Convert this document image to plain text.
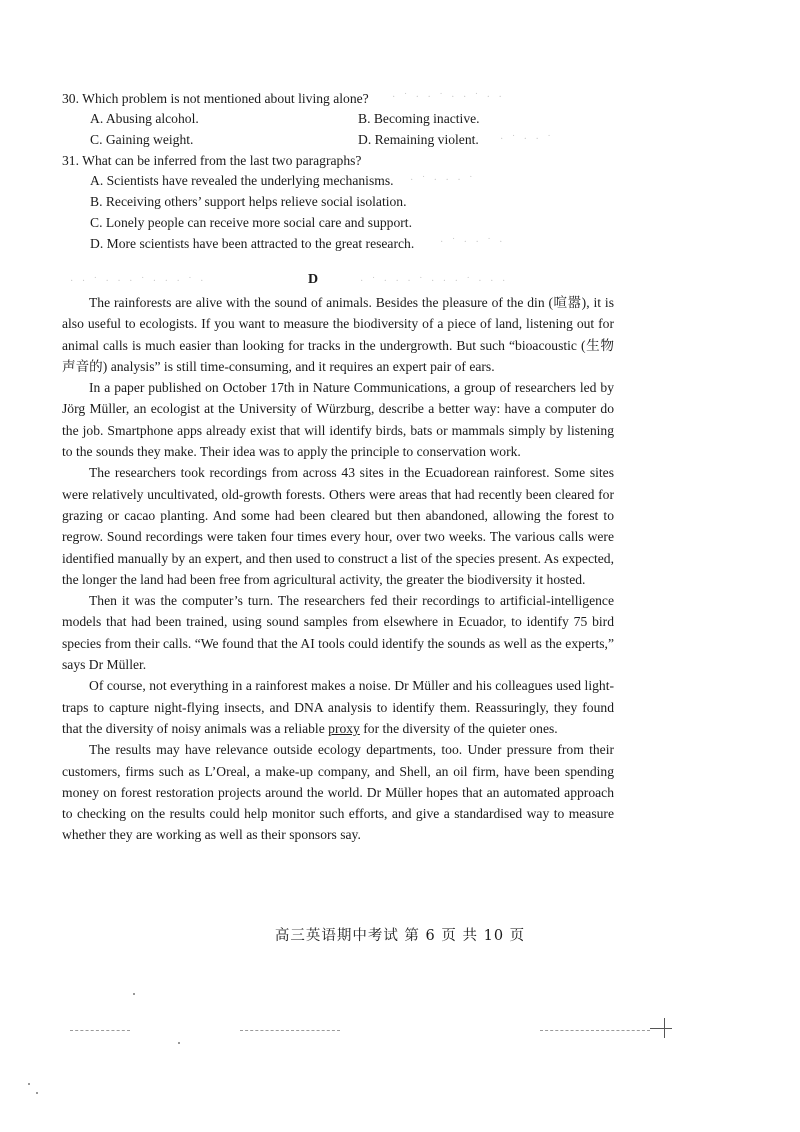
30. Which problem is not mentioned about living alone?
A. Abusing alcohol.	B. Becoming inactive.
C. Gaining weight.	D. Remaining violent.
31. What can be inferred from the last two paragraphs?
A. Scientists have revealed the underlying mechanisms.
B. Receiving others’ support helps relieve social isolation.
C. Lonely people can receive more social care and support.
D. More scientists have been attracted to the great research.
· ˙ · · ˙ · · ˙ · ·
· ˙ · · ˙
· ˙ · · · ˙
· ˙ · · ˙ ·
· · ˙ · · · ˙ · · · ˙ ·	· ˙ · · · ˙ · · · ˙ · · ·
D

The rainforests are alive with the sound of animals. Besides the pleasure of the din (喧嚣), it is also useful to ecologists. If you want to measure the biodiversity of a piece of land, listening out for animal calls is much easier than looking for tracks in the undergrowth. But such “bioacoustic (生物声音的) analysis” is still time-consuming, and it requires an expert pair of ears.

In a paper published on October 17th in Nature Communications, a group of researchers led by Jörg Müller, an ecologist at the University of Würzburg, describe a better way: have a computer do the job. Smartphone apps already exist that will identify birds, bats or mammals simply by listening to the sounds they make. Their idea was to apply the principle to conservation work.

The researchers took recordings from across 43 sites in the Ecuadorean rainforest. Some sites were relatively uncultivated, old-growth forests. Others were areas that had recently been cleared for grazing or cacao planting. And some had been cleared but then abandoned, allowing the forest to regrow. Sound recordings were taken four times every hour, over two weeks. The various calls were identified manually by an expert, and then used to construct a list of the species present. As expected, the longer the land had been free from agricultural activity, the greater the biodiversity it hosted.

Then it was the computer’s turn. The researchers fed their recordings to artificial-intelligence models that had been trained, using sound samples from elsewhere in Ecuador, to identify 75 bird species from their calls. “We found that the AI tools could identify the sounds as well as the experts,” says Dr Müller.

Of course, not everything in a rainforest makes a noise. Dr Müller and his colleagues used light-traps to capture night-flying insects, and DNA analysis to identify them. Reassuringly, they found that the diversity of noisy animals was a reliable proxy for the diversity of the quieter ones.

The results may have relevance outside ecology departments, too. Under pressure from their customers, firms such as L’Oreal, a make-up company, and Shell, an oil firm, have been spending money on forest restoration projects around the world. Dr Müller hopes that an automated approach to checking on the results could help monitor such efforts, and give a standardised way to measure whether they are working as well as their sponsors say.

高三英语期中考试 第 6 页 共 10 页
